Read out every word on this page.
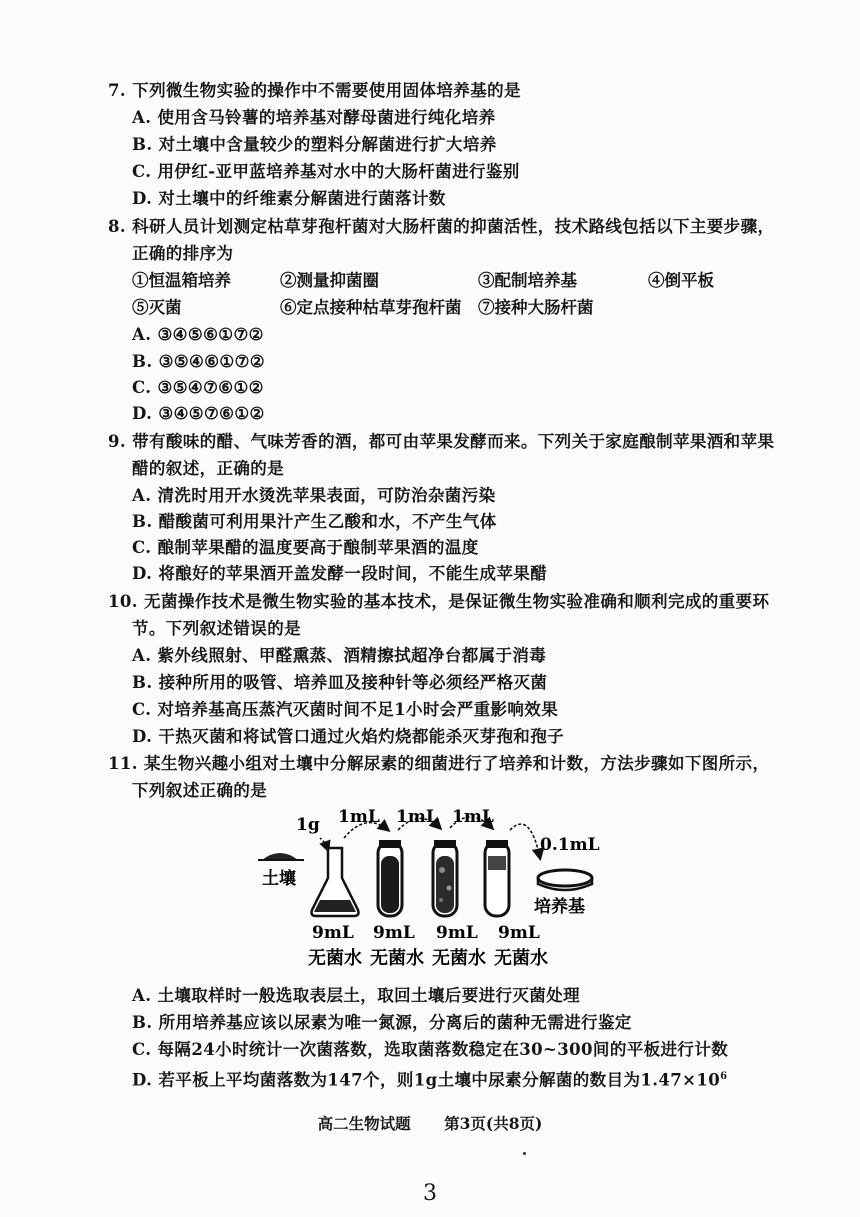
7. 下列微生物实验的操作中不需要使用固体培养基的是
A. 使用含马铃薯的培养基对酵母菌进行纯化培养
B. 对土壤中含量较少的塑料分解菌进行扩大培养
C. 用伊红-亚甲蓝培养基对水中的大肠杆菌进行鉴别
D. 对土壤中的纤维素分解菌进行菌落计数
8. 科研人员计划测定枯草芽孢杆菌对大肠杆菌的抑菌活性，技术路线包括以下主要步骤，
正确的排序为
①恒温箱培养	②测量抑菌圈	③配制培养基	④倒平板
⑤灭菌	⑥定点接种枯草芽孢杆菌 ⑦接种大肠杆菌
A. ③④⑤⑥①⑦②
B. ③⑤④⑥①⑦②
C. ③⑤④⑦⑥①②
D. ③④⑤⑦⑥①②
9. 带有酸味的醋、气味芳香的酒，都可由苹果发酵而来。下列关于家庭酿制苹果酒和苹果
醋的叙述，正确的是
A. 清洗时用开水烫洗苹果表面，可防治杂菌污染
B. 醋酸菌可利用果汁产生乙酸和水，不产生气体
C. 酿制苹果醋的温度要高于酿制苹果酒的温度
D. 将酿好的苹果酒开盖发酵一段时间，不能生成苹果醋
10. 无菌操作技术是微生物实验的基本技术，是保证微生物实验准确和顺利完成的重要环
节。下列叙述错误的是
A. 紫外线照射、甲醛熏蒸、酒精擦拭超净台都属于消毒
B. 接种所用的吸管、培养皿及接种针等必须经严格灭菌
C. 对培养基高压蒸汽灭菌时间不足1小时会严重影响效果
D. 干热灭菌和将试管口通过火焰灼烧都能杀灭芽孢和孢子
11. 某生物兴趣小组对土壤中分解尿素的细菌进行了培养和计数，方法步骤如下图所示，
下列叙述正确的是
土壤
1g 1mL 1mL 1mL
0.1mL
培养基
9mL 9mL 9mL 9mL
无菌水 无菌水 无菌水 无菌水
A. 土壤取样时一般选取表层土，取回土壤后要进行灭菌处理
B. 所用培养基应该以尿素为唯一氮源，分离后的菌种无需进行鉴定
C. 每隔24小时统计一次菌落数，选取菌落数稳定在30~300间的平板进行计数
D. 若平板上平均菌落数为147个，则1g土壤中尿素分解菌的数目为$1.47\times 10^6$
高二生物试题 第3页(共8页)
3
